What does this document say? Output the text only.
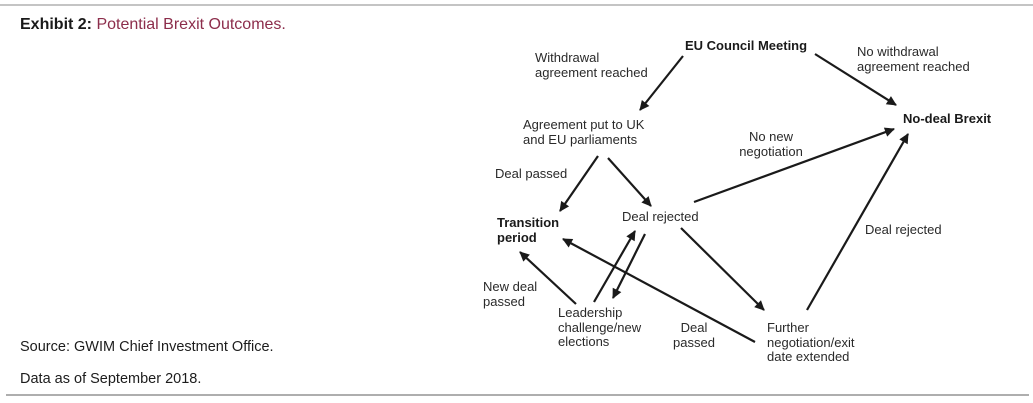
Exhibit 2: Potential Brexit Outcomes.
Withdrawal
agreement reached
EU Council Meeting	No withdrawal
agreement reached
Agreement put to UK
and EU parliaments	No new
negotiation
No-deal Brexit
Deal passed
Transition
period
Deal rejected
Deal rejected
New deal
passed
Leadership
challenge/new
elections
Deal
passed
Further
negotiation/exit
date extended
Source: GWIM Chief Investment Office.
Data as of September 2018.
